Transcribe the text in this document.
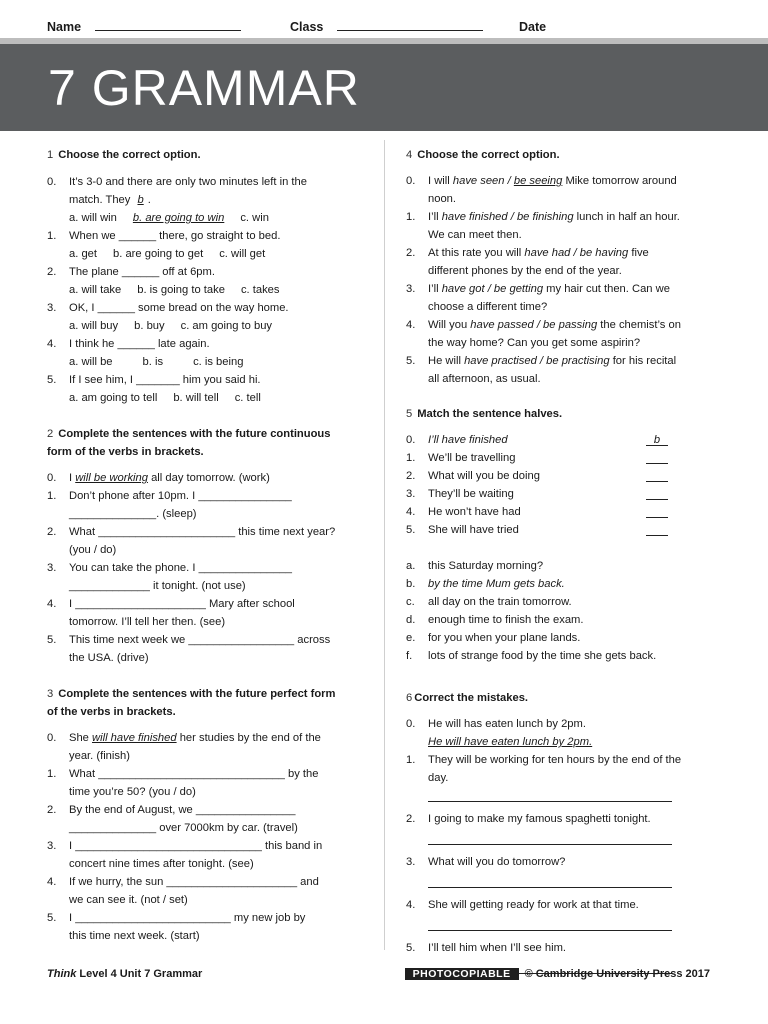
Name	Class	Date
7 GRAMMAR

1 Choose the correct option.

0. It’s 3-0 and there are only two minutes left in the
match. They b .
a. will win b. are going to win c. win
1. When we ______ there, go straight to bed.
a. get b. are going to get c. will get
2. The plane ______ off at 6pm.
a. will take b. is going to take c. takes
3. OK, I ______ some bread on the way home.
a. will buy b. buy c. am going to buy
4. I think he ______ late again.
a. will be	b. is	c. is being
5. If I see him, I _______ him you said hi.
a. am going to tell b. will tell c. tell

2 Complete the sentences with the future continuous

form of the verbs in brackets.

0. I will be working all day tomorrow. (work)
1. Don’t phone after 10pm. I _______________
______________. (sleep)
2. What ______________________ this time next year?
(you / do)
3. You can take the phone. I _______________
_____________ it tonight. (not use)
4. I _____________________ Mary after school
tomorrow. I’ll tell her then. (see)
5. This time next week we _________________ across
the USA. (drive)

3 Complete the sentences with the future perfect form

of the verbs in brackets.

0. She will have finished her studies by the end of the
year. (finish)
1. What ______________________________ by the
time you’re 50? (you / do)
2. By the end of August, we ________________
______________ over 7000km by car. (travel)
3. I ______________________________ this band in
concert nine times after tonight. (see)
4. If we hurry, the sun _____________________ and
we can see it. (not / set)
5. I _________________________ my new job by
this time next week. (start)

4 Choose the correct option.

0. I will have seen / be seeing Mike tomorrow around
noon.
1. I’ll have finished / be finishing lunch in half an hour.
We can meet then.
2. At this rate you will have had / be having five
different phones by the end of the year.
3. I’ll have got / be getting my hair cut then. Can we
choose a different time?
4. Will you have passed / be passing the chemist’s on
the way home? Can you get some aspirin?
5. He will have practised / be practising for his recital
all afternoon, as usual.

5 Match the sentence halves.

0. I’ll have finished	b
1. We’ll be travelling
2. What will you be doing
3. They’ll be waiting
4. He won’t have had
5. She will have tried
a. this Saturday morning?
b. by the time Mum gets back.
c. all day on the train tomorrow.
d. enough time to finish the exam.
e. for you when your plane lands.
f. lots of strange food by the time she gets back.

6 Correct the mistakes.

0. He will has eaten lunch by 2pm.
He will have eaten lunch by 2pm.
1. They will be working for ten hours by the end of the
day.
2. I going to make my famous spaghetti tonight.
3. What will you do tomorrow?
4. She will getting ready for work at that time.
5. I’ll tell him when I’ll see him.
Think Level 4 Unit 7 Grammar	PHOTOCOPIABLE © Cambridge University Press 2017
